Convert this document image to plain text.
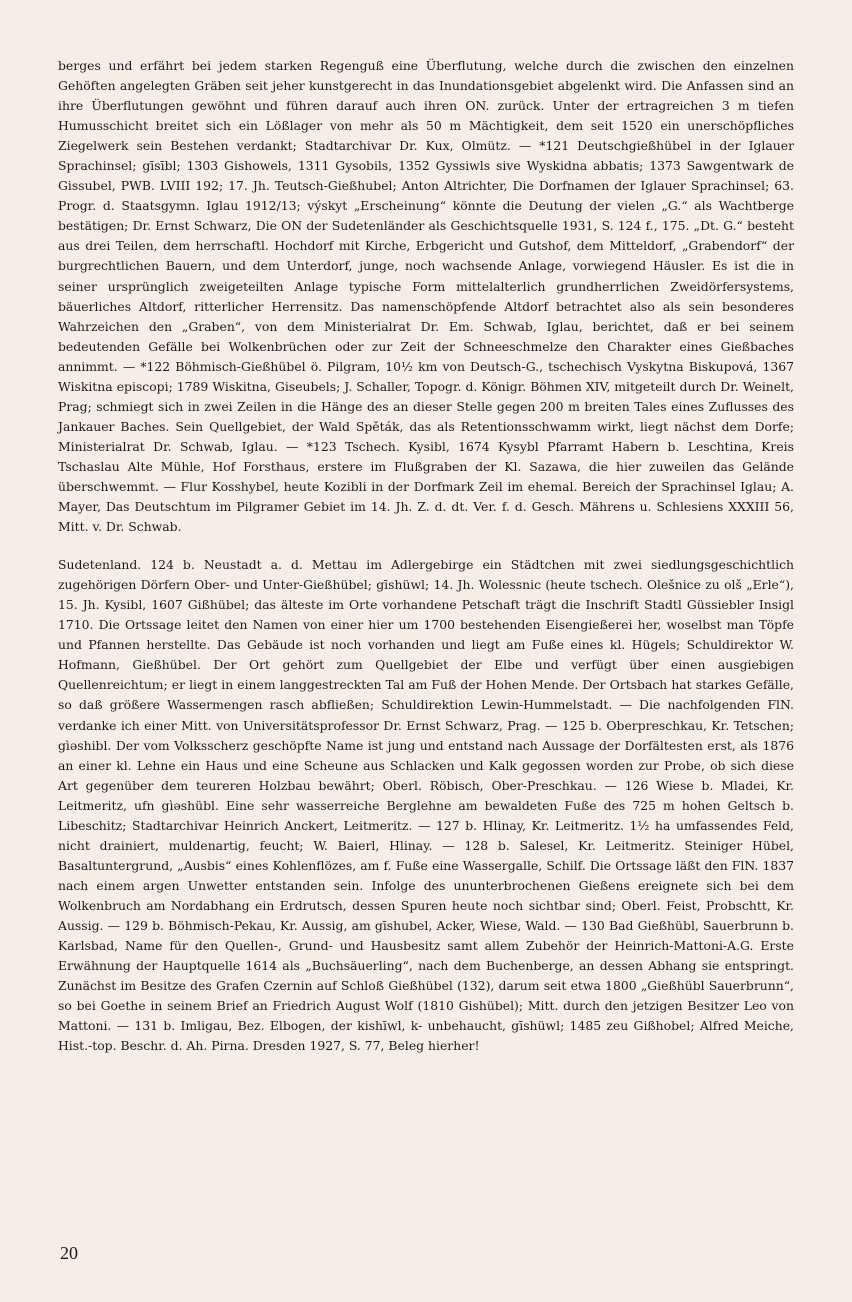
berges und erfährt bei jedem starken Regenguß eine Überflutung, welche durch die zwischen den einzelnen Gehöften angelegten Gräben seit jeher kunstgerecht in das Inundationsgebiet abgelenkt wird. Die Anfassen sind an ihre Überflutungen gewöhnt und führen darauf auch ihren ON. zurück. Unter der ertragreichen 3 m tiefen Humusschicht breitet sich ein Lößlager von mehr als 50 m Mächtigkeit, dem seit 1520 ein unerschöpfliches Ziegelwerk sein Bestehen verdankt; Stadtarchivar Dr. Kux, Olmütz. — *121 Deutschgießhübel in der Iglauer Sprachinsel; gīsībl; 1303 Gishowels, 1311 Gysobils, 1352 Gyssiwls sive Wyskidna abbatis; 1373 Sawgentwark de Gissubel, PWB. LVIII 192; 17. Jh. Teutsch-Gießhubel; Anton Altrichter, Die Dorfnamen der Iglauer Sprachinsel; 63. Progr. d. Staatsgymn. Iglau 1912/13; výskyt „Erscheinung“ könnte die Deutung der vielen „G.“ als Wachtberge bestätigen; Dr. Ernst Schwarz, Die ON der Sudetenländer als Geschichtsquelle 1931, S. 124 f., 175. „Dt. G.“ besteht aus drei Teilen, dem herrschaftl. Hochdorf mit Kirche, Erbgericht und Gutshof, dem Mitteldorf, „Grabendorf“ der burgrechtlichen Bauern, und dem Unterdorf, junge, noch wachsende Anlage, vorwiegend Häusler. Es ist die in seiner ursprünglich zweigeteilten Anlage typische Form mittelalterlich grundherrlichen Zweidörfersystems, bäuerliches Altdorf, ritterlicher Herrensitz. Das namenschöpfende Altdorf betrachtet also als sein besonderes Wahrzeichen den „Graben“, von dem Ministerialrat Dr. Em. Schwab, Iglau, berichtet, daß er bei seinem bedeutenden Gefälle bei Wolkenbrüchen oder zur Zeit der Schneeschmelze den Charakter eines Gießbaches annimmt. — *122 Böhmisch-Gießhübel ö. Pilgram, 10½ km von Deutsch-G., tschechisch Vyskytna Biskupová, 1367 Wiskitna episcopi; 1789 Wiskitna, Giseubels; J. Schaller, Topogr. d. Königr. Böhmen XIV, mitgeteilt durch Dr. Weinelt, Prag; schmiegt sich in zwei Zeilen in die Hänge des an dieser Stelle gegen 200 m breiten Tales eines Zuflusses des Jankauer Baches. Sein Quellgebiet, der Wald Spěták, das als Retentionsschwamm wirkt, liegt nächst dem Dorfe; Ministerialrat Dr. Schwab, Iglau. — *123 Tschech. Kysibl, 1674 Kysybl Pfarramt Habern b. Leschtina, Kreis Tschaslau Alte Mühle, Hof Forsthaus, erstere im Flußgraben der Kl. Sazawa, die hier zuweilen das Gelände überschwemmt. — Flur Kosshybel, heute Kozibli in der Dorfmark Zeil im ehemal. Bereich der Sprachinsel Iglau; A. Mayer, Das Deutschtum im Pilgramer Gebiet im 14. Jh. Z. d. dt. Ver. f. d. Gesch. Mährens u. Schlesiens XXXIII 56, Mitt. v. Dr. Schwab.

Sudetenland. 124 b. Neustadt a. d. Mettau im Adlergebirge ein Städtchen mit zwei siedlungsgeschichtlich zugehörigen Dörfern Ober- und Unter-Gießhübel; gīshüwl; 14. Jh. Wolessnic (heute tschech. Olešnice zu olš „Erle“), 15. Jh. Kysibl, 1607 Gißhübel; das älteste im Orte vorhandene Petschaft trägt die Inschrift Stadtl Güssiebler Insigl 1710. Die Ortssage leitet den Namen von einer hier um 1700 bestehenden Eisengießerei her, woselbst man Töpfe und Pfannen herstellte. Das Gebäude ist noch vorhanden und liegt am Fuße eines kl. Hügels; Schuldirektor W. Hofmann, Gießhübel. Der Ort gehört zum Quellgebiet der Elbe und verfügt über einen ausgiebigen Quellenreichtum; er liegt in einem langgestreckten Tal am Fuß der Hohen Mende. Der Ortsbach hat starkes Gefälle, so daß größere Wassermengen rasch abfließen; Schuldirektion Lewin-Hummelstadt. — Die nachfolgenden FlN. verdanke ich einer Mitt. von Universitätsprofessor Dr. Ernst Schwarz, Prag. — 125 b. Oberpreschkau, Kr. Tetschen; gìəshibl. Der vom Volksscherz geschöpfte Name ist jung und entstand nach Aussage der Dorfältesten erst, als 1876 an einer kl. Lehne ein Haus und eine Scheune aus Schlacken und Kalk gegossen worden zur Probe, ob sich diese Art gegenüber dem teureren Holzbau bewährt; Oberl. Röbisch, Ober-Preschkau. — 126 Wiese b. Mladei, Kr. Leitmeritz, ufn gìəshübl. Eine sehr wasserreiche Berglehne am bewaldeten Fuße des 725 m hohen Geltsch b. Libeschitz; Stadtarchivar Heinrich Anckert, Leitmeritz. — 127 b. Hlinay, Kr. Leitmeritz. 1½ ha umfassendes Feld, nicht drainiert, muldenartig, feucht; W. Baierl, Hlinay. — 128 b. Salesel, Kr. Leitmeritz. Steiniger Hübel, Basaltuntergrund, „Ausbis“ eines Kohlenflözes, am f. Fuße eine Wassergalle, Schilf. Die Ortssage läßt den FlN. 1837 nach einem argen Unwetter entstanden sein. Infolge des ununterbrochenen Gießens ereignete sich bei dem Wolkenbruch am Nordabhang ein Erdrutsch, dessen Spuren heute noch sichtbar sind; Oberl. Feist, Probschtt, Kr. Aussig. — 129 b. Böhmisch-Pekau, Kr. Aussig, am gīshubel, Acker, Wiese, Wald. — 130 Bad Gießhübl, Sauerbrunn b. Karlsbad, Name für den Quellen-, Grund- und Hausbesitz samt allem Zubehör der Heinrich-Mattoni-A.G. Erste Erwähnung der Hauptquelle 1614 als „Buchsäuerling“, nach dem Buchenberge, an dessen Abhang sie entspringt. Zunächst im Besitze des Grafen Czernin auf Schloß Gießhübel (132), darum seit etwa 1800 „Gießhübl Sauerbrunn“, so bei Goethe in seinem Brief an Friedrich August Wolf (1810 Gishübel); Mitt. durch den jetzigen Besitzer Leo von Mattoni. — 131 b. Imligau, Bez. Elbogen, der kishīwl, k- unbehaucht, gīshüwl; 1485 zeu Gißhobel; Alfred Meiche, Hist.-top. Beschr. d. Ah. Pirna. Dresden 1927, S. 77, Beleg hierher!

20
